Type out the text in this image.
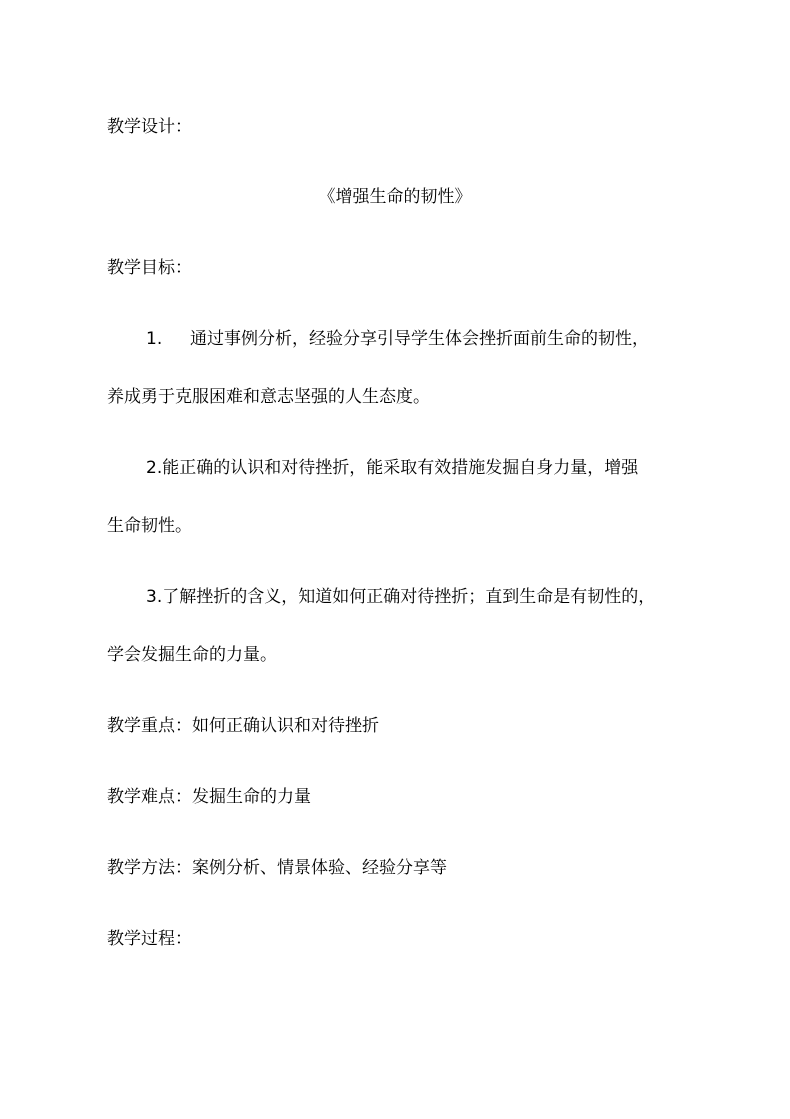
教学设计：
《增强生命的韧性》
教学目标：
1. 通过事例分析，经验分享引导学生体会挫折面前生命的韧性，
养成勇于克服困难和意志坚强的人生态度。
2.能正确的认识和对待挫折，能采取有效措施发掘自身力量，增强
生命韧性。
3.了解挫折的含义，知道如何正确对待挫折；直到生命是有韧性的，
学会发掘生命的力量。
教学重点：如何正确认识和对待挫折
教学难点：发掘生命的力量
教学方法：案例分析、情景体验、经验分享等
教学过程：
